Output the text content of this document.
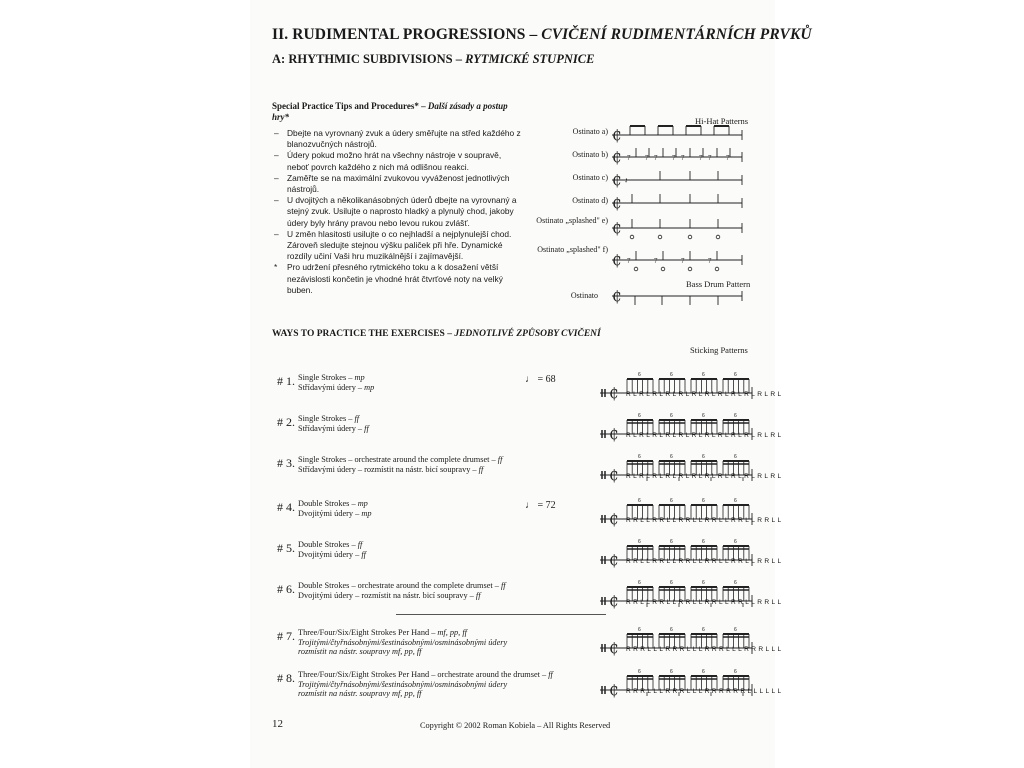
II. RUDIMENTAL PROGRESSIONS – CVIČENÍ RUDIMENTÁRNÍCH PRVKŮ
A: RHYTHMIC SUBDIVISIONS – RYTMICKÉ STUPNICE
Special Practice Tips and Procedures* – Další zásady a postup hry*
– Dbejte na vyrovnaný zvuk a údery směřujte na střed každého z blanozvučných nástrojů.
– Údery pokud možno hrát na všechny nástroje v soupravě, neboť povrch každého z nich má odlišnou reakci.
– Zaměřte se na maximální zvukovou vyváženost jednotlivých nástrojů.
– U dvojitých a několikanásobných úderů dbejte na vyrovnaný a stejný zvuk. Usilujte o naprosto hladký a plynulý chod, jakoby údery byly hrány pravou nebo levou rukou zvlášť.
– U změn hlasitosti usilujte o co nejhladší a nejplynulejší chod. Zároveň sledujte stejnou výšku paliček při hře. Dynamické rozdíly učiní Vaši hru muzikálnější i zajímavější.
* Pro udržení přesného rytmického toku a k dosažení větší nezávislosti končetin je vhodné hrát čtvrťové noty na velký buben.
Hi-Hat Patterns
Ostinato a)
Ostinato b)
Ostinato c)
Ostinato d)
Ostinato „splashed" e)
Ostinato „splashed" f)
Bass Drum Pattern
Ostinato
₵
₵ 7 7 7 7 7 7 7 7
₵ 𝄽
₵
₵
₵ 7	7	7	7
₵
₵
6	6	6	6
₵
6	6	6	6
₵
6	6	6	6
₵
6	6	6	6
₵
6	6	6	6
₵
6	6	6	6
₵
6	6	6	6
₵
6	6	6	6
WAYS TO PRACTICE THE EXERCISES – JEDNOTLIVÉ ZPŮSOBY CVIČENÍ
Sticking Patterns
# 1. Single Strokes – mp
Střídavými údery – mp
♩ = 68
RLRLRLRLRLRLRLRLRLRLRLRL
# 2. Single Strokes – ff
Střídavými údery – ff
RLRLRLRLRLRLRLRLRLRLRLRL
# 3. Single Strokes – orchestrate around the complete drumset – ff
Střídavými údery – rozmístit na nástr. bicí soupravy – ff
RLRLRLRLRLRLRLRLRLRLRLRL
# 4. Double Strokes – mp
Dvojitými údery – mp
♩ = 72
RRLLRRLLRRLLRRLLRRLLRRLL
# 5. Double Strokes – ff
Dvojitými údery – ff
RRLLRRLLRRLLRRLLRRLLRRLL
# 6. Double Strokes – orchestrate around the complete drumset – ff
Dvojitými údery – rozmístit na nástr. bicí soupravy – ff
RRLLRRLLRRLLRRLLRRLLRRLL
# 7. Three/Four/Six/Eight Strokes Per Hand – mf, pp, ff
Trojitými/čtyřnásobnými/šestinásobnými/osminásobnými údery
rozmístit na nástr. soupravy mf, pp, ff	RRRLLLRRRLLLRRRLLLRRRLLL
# 8. Three/Four/Six/Eight Strokes Per Hand – orchestrate around the drumset – ff
Trojitými/čtyřnásobnými/šestinásobnými/osminásobnými údery
rozmístit na nástr. soupravy mf, pp, ff	RRRLLLRRRLLLRRRRRRLLLLLL
12	Copyright © 2002 Roman Kobiela – All Rights Reserved
